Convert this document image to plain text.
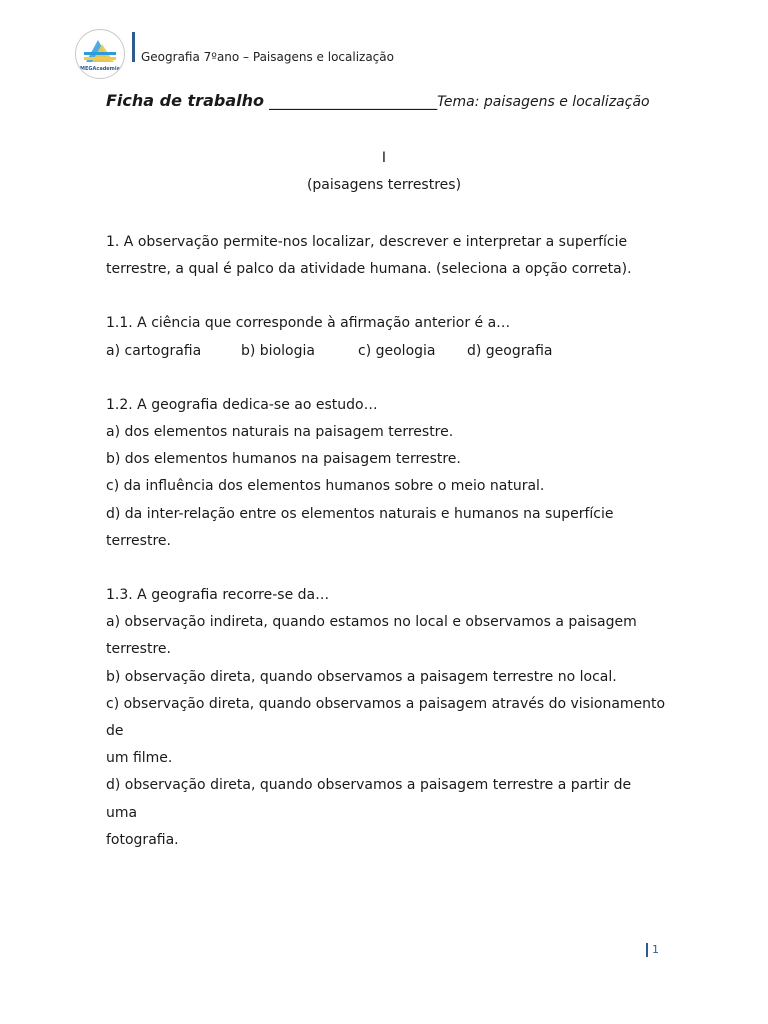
MEGAcademia
Geografia 7ºano – Paisagens e localização
Ficha de trabalho _____________________Tema: paisagens e localização
I
(paisagens terrestres)

1. A observação permite-nos localizar, descrever e interpretar a superfície

terrestre, a qual é palco da atividade humana. (seleciona a opção correta).

1.1. A ciência que corresponde à afirmação anterior é a…

a) cartografia	b) biologia	c) geologia d) geografia

1.2. A geografia dedica-se ao estudo…

a) dos elementos naturais na paisagem terrestre.

b) dos elementos humanos na paisagem terrestre.

c) da influência dos elementos humanos sobre o meio natural.

d) da inter-relação entre os elementos naturais e humanos na superfície

terrestre.

1.3. A geografia recorre-se da…

a) observação indireta, quando estamos no local e observamos a paisagem

terrestre.

b) observação direta, quando observamos a paisagem terrestre no local.

c) observação direta, quando observamos a paisagem através do visionamento de

um filme.

d) observação direta, quando observamos a paisagem terrestre a partir de uma

fotografia.

1
